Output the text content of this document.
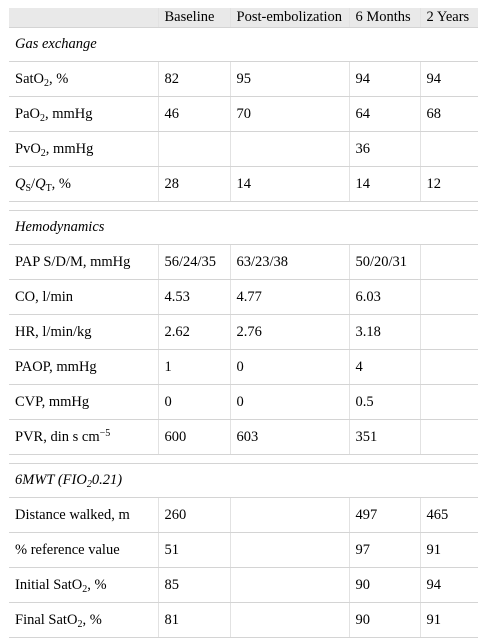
	Baseline	Post-embolization	6 Months	2 Years
Gas exchange				
SatO$_2$, %	82	95	94	94
PaO$_2$, mmHg	46	70	64	68
PvO$_2$, mmHg			36	
$Q_S/Q_T$, %	28	14	14	12

Hemodynamics				
PAP S/D/M, mmHg	56/24/35	63/23/38	50/20/31	
CO, l/min	4.53	4.77	6.03	
HR, l/min/kg	2.62	2.76	3.18	
PAOP, mmHg	1	0	4	
CVP, mmHg	0	0	0.5	
PVR, din s $cm^{-5}$	600	603	351	

6MWT $(FIO_20.21)$				
Distance walked, m	260		497	465
% reference value	51		97	91
Initial SatO$_2$, %	85		90	94
Final SatO$_2$, %	81		90	91
